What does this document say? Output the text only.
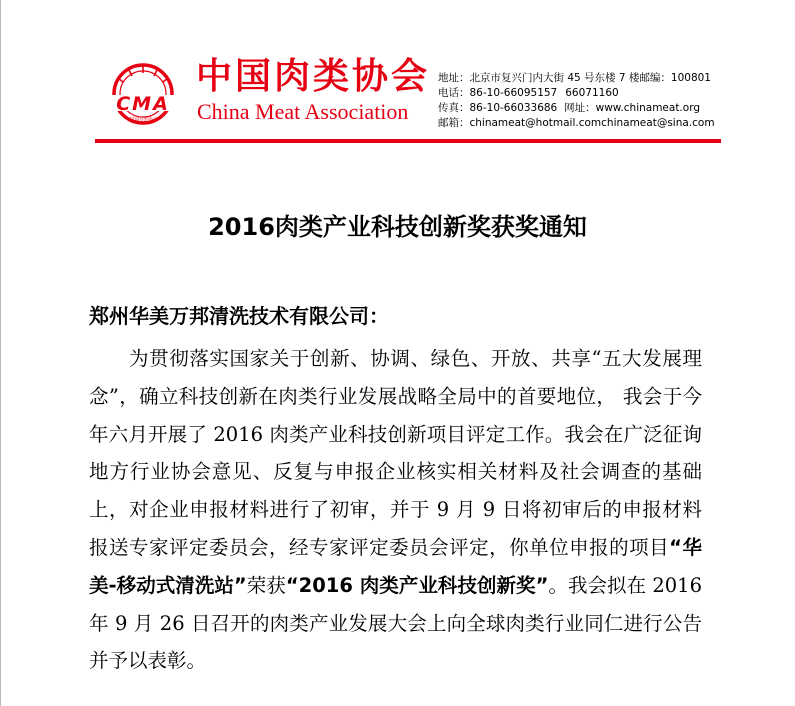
CMA
中国肉类协会
中国肉类协会
China Meat Association
地址：北京市复兴门内大街 45 号东楼 7 楼 邮编：100801
电话：86-10-66095157 66071160
传真：86-10-66033686 网址：www.chinameat.org
邮箱：chinameat@hotmail.com chinameat@sina.com
2016肉类产业科技创新奖获奖通知
郑州华美万邦清洗技术有限公司：
为贯彻落实国家关于创新、协调、绿色、开放、共享“五大发展理念”，确立科技创新在肉类行业发展战略全局中的首要地位， 我会于今年六月开展了 2016 肉类产业科技创新项目评定工作。我会在广泛征询地方行业协会意见、反复与申报企业核实相关材料及社会调查的基础上，对企业申报材料进行了初审，并于 9 月 9 日将初审后的申报材料报送专家评定委员会，经专家评定委员会评定，你单位申报的项目“华美-移动式清洗站”荣获“2016 肉类产业科技创新奖”。我会拟在 2016 年 9 月 26 日召开的肉类产业发展大会上向全球肉类行业同仁进行公告并予以表彰。
